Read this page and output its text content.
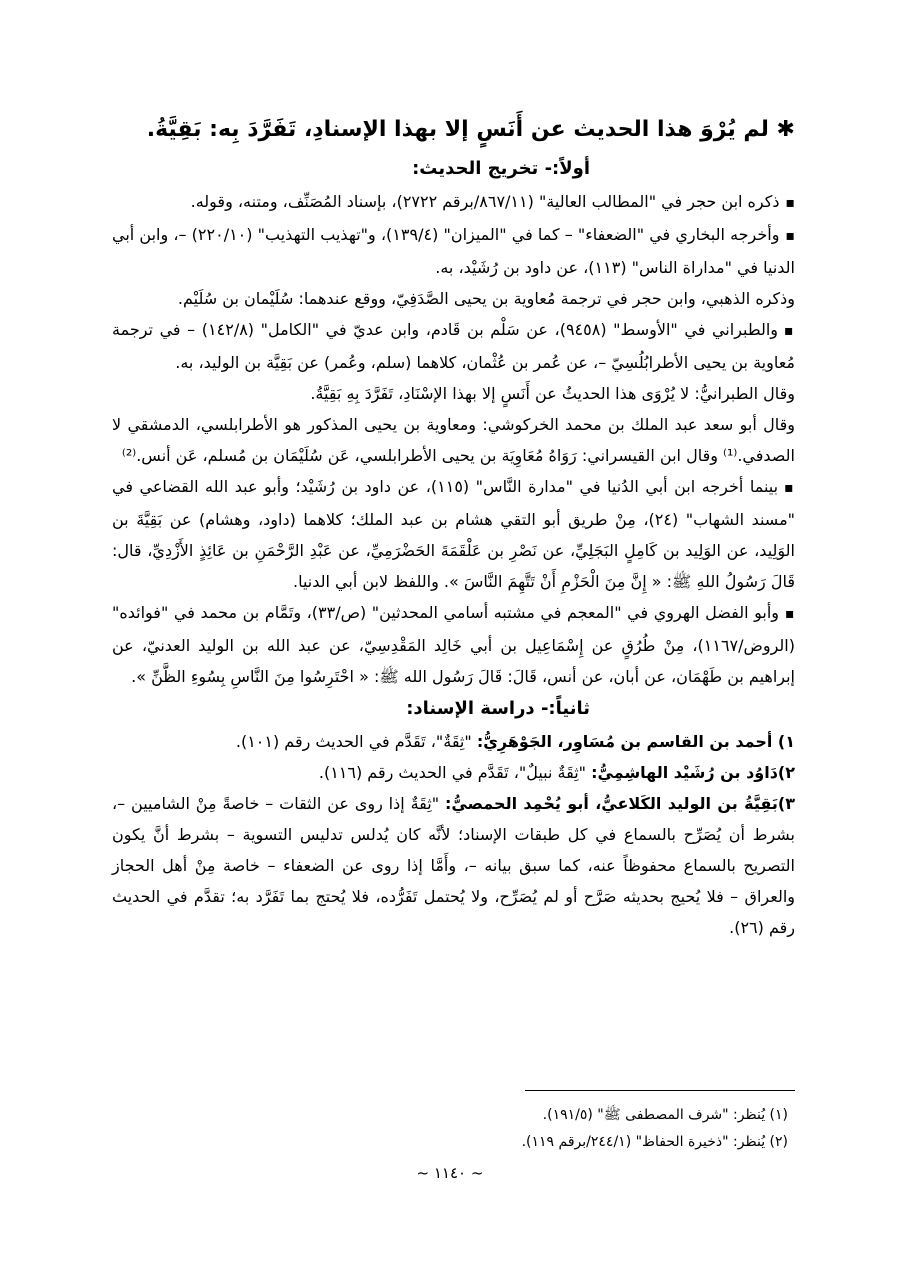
✱ لم يُرْوَ هذا الحديث عن أَنَسٍ إلا بهذا الإسنادِ، تَفَرَّدَ بِه: بَقِيَّةُ.

أولاً:- تخريج الحديث:

▪ ذكره ابن حجر في "المطالب العالية" (٨٦٧/١١/برقم ٢٧٢٢)، بإسناد المُصَنِّف، ومتنه، وقوله.

▪ وأخرجه البخاري في "الضعفاء" – كما في "الميزان" (١٣٩/٤)، و"تهذيب التهذيب" (٢٢٠/١٠) –، وابن أبي الدنيا في "مداراة الناس" (١١٣)، عن داود بن رُشَيْد، به.

وذكره الذهبي، وابن حجر في ترجمة مُعاوية بن يحيى الصَّدَفِيّ، ووقع عندهما: سُلَيْمان بن سُلَيْم.

▪ والطبراني في "الأوسط" (٩٤٥٨)، عن سَلْم بن قَادم، وابن عديّ في "الكامل" (١٤٢/٨) – في ترجمة مُعاوية بن يحيى الأطرابُلُسِيّ –، عن عُمر بن عُثْمان، كلاهما (سلم، وعُمر) عن بَقِيَّة بن الوليد، به.

وقال الطبرانيُّ: لا يُرْوَى هذا الحديثُ عن أَنَسٍ إلا بهذا الإسْنَادِ، تَفَرَّدَ بِهِ بَقِيَّةُ.

وقال أبو سعد عبد الملك بن محمد الخركوشي: ومعاوية بن يحيى المذكور هو الأطرابلسي، الدمشقي لا الصدفي.⁽¹⁾ وقال ابن القيسراني: رَوَاهُ مُعَاوِيَة بن يحيى الأطرابلسي، عَن سُلَيْمَان بن مُسلم، عَن أنس.⁽²⁾

▪ بينما أخرجه ابن أبي الدُنيا في "مدارة النَّاس" (١١٥)، عن داود بن رُشَيْد؛ وأبو عبد الله القضاعي في "مسند الشهاب" (٢٤)، مِنْ طريق أبو التقي هشام بن عبد الملك؛ كلاهما (داود، وهشام) عن بَقِيَّةَ بن الوَلِيد، عن الوَلِيد بن كَامِلٍ البَجَلِيِّ، عن نَصْرِ بن عَلْقَمَةَ الحَضْرَمِيِّ، عن عَبْدِ الرَّحْمَنِ بن عَائِذٍ الأَزْدِيِّ، قال: قَالَ رَسُولُ اللهِ ﷺ: « إِنَّ مِنَ الْحَزْمِ أَنْ تَتَّهِمَ النَّاسَ ». واللفظ لابن أبي الدنيا.

▪ وأبو الفضل الهروي في "المعجم في مشتبه أسامي المحدثين" (ص/٣٣)، وتَمَّام بن محمد في "فوائده" (الروض/١١٦٧)، مِنْ طُرُقٍ عن إِسْمَاعِيل بن أبي خَالِد المَقْدِسِيّ، عن عبد الله بن الوليد العدنيّ، عن إبراهيم بن طَهْمَان، عن أبان، عن أنس، قَالَ: قَالَ رَسُول الله ﷺ: « احْتَرِسُوا مِنَ النَّاسِ بِسُوءِ الظَّنِّ ».

ثانياً:- دراسة الإسناد:

١) أحمد بن القاسم بن مُسَاوِر، الجَوْهَرِيُّ: "ثِقَةٌ"، تَقَدَّم في الحديث رقم (١٠١).

٢)دَاوُد بن رُشَيْد الهاشِمِيُّ: "ثِقَةٌ نبيلٌ"، تَقَدَّم في الحديث رقم (١١٦).

٣)بَقِيَّةُ بن الوليد الكَلاعيُّ، أبو يُحْمِد الحمصيُّ: "ثِقَةٌ إذا روى عن الثقات – خاصةً مِنْ الشاميين –، بشرط أن يُصَرِّح بالسماع في كل طبقات الإسناد؛ لأنَّه كان يُدلس تدليس التسوية – بشرط أنَّ يكون التصريح بالسماع محفوظاً عنه، كما سبق بيانه –، وأَمَّا إذا روى عن الضعفاء – خاصة مِنْ أهل الحجاز والعراق – فلا يُحيج بحديثه صَرَّح أو لم يُصَرِّح، ولا يُحتمل تَفَرُّده، فلا يُحتج بما تَفَرَّد به؛ تقدَّم في الحديث رقم (٢٦).

(١) يُنظر: "شرف المصطفى ﷺ" (١٩١/٥).

(٢) يُنظر: "ذخيرة الحفاظ" (٢٤٤/١/برقم ١١٩).

~ ١١٤٠ ~
